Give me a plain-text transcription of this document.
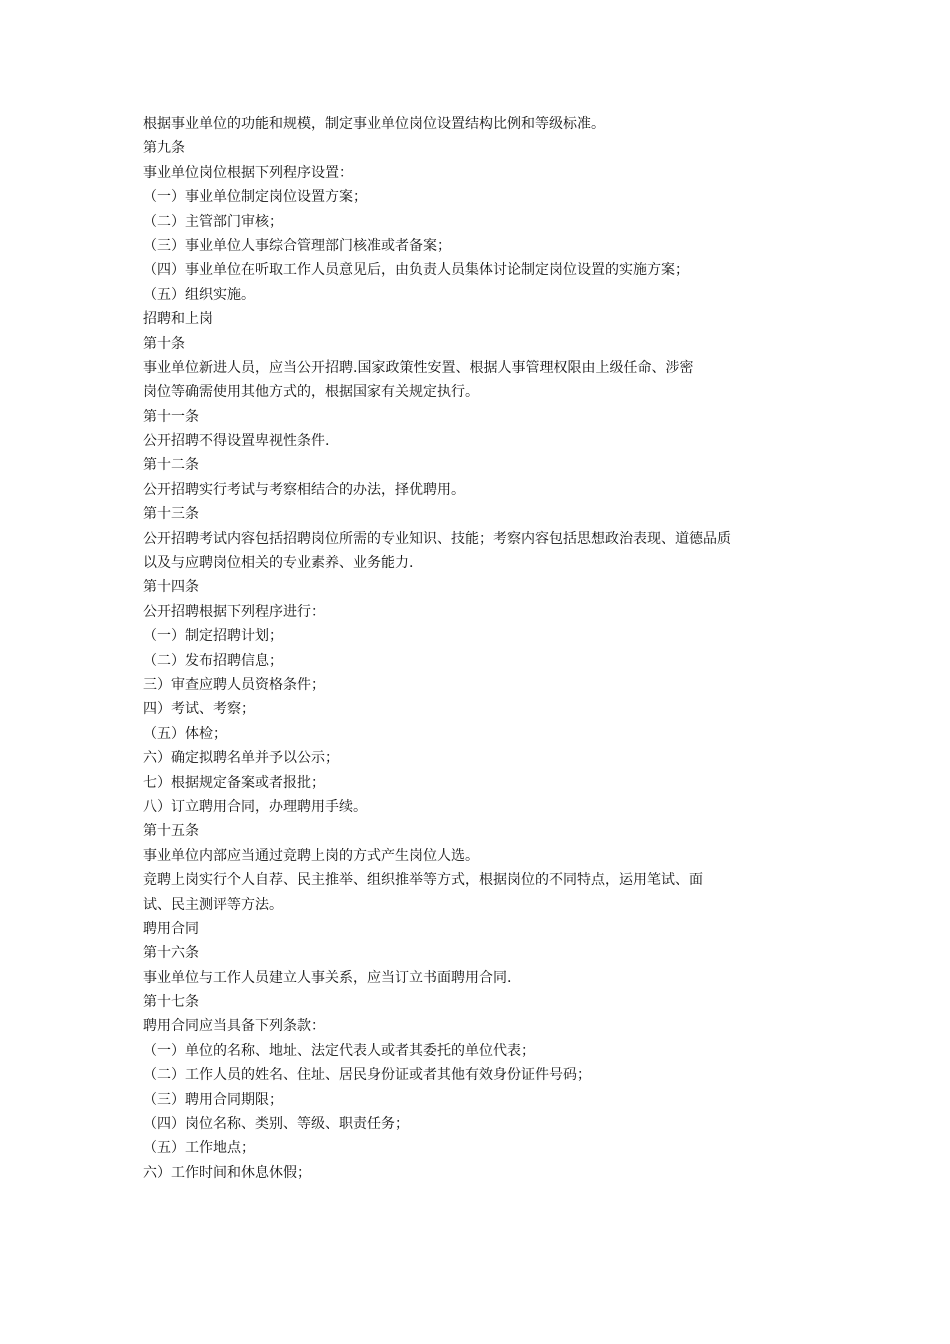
根据事业单位的功能和规模，制定事业单位岗位设置结构比例和等级标准。
第九条
事业单位岗位根据下列程序设置：
（一）事业单位制定岗位设置方案；
（二）主管部门审核；
（三）事业单位人事综合管理部门核准或者备案；
（四）事业单位在听取工作人员意见后，由负责人员集体讨论制定岗位设置的实施方案；
（五）组织实施。
招聘和上岗
第十条
事业单位新进人员，应当公开招聘.国家政策性安置、根据人事管理权限由上级任命、涉密
岗位等确需使用其他方式的，根据国家有关规定执行。
第十一条
公开招聘不得设置卑视性条件.
第十二条
公开招聘实行考试与考察相结合的办法，择优聘用。
第十三条
公开招聘考试内容包括招聘岗位所需的专业知识、技能；考察内容包括思想政治表现、道德品质
以及与应聘岗位相关的专业素养、业务能力.
第十四条
公开招聘根据下列程序进行：
（一）制定招聘计划；
（二）发布招聘信息；
三）审查应聘人员资格条件；
四）考试、考察；
（五）体检；
六）确定拟聘名单并予以公示；
七）根据规定备案或者报批；
八）订立聘用合同，办理聘用手续。
第十五条
事业单位内部应当通过竞聘上岗的方式产生岗位人选。
竞聘上岗实行个人自荐、民主推举、组织推举等方式，根据岗位的不同特点，运用笔试、面
试、民主测评等方法。
聘用合同
第十六条
事业单位与工作人员建立人事关系，应当订立书面聘用合同.
第十七条
聘用合同应当具备下列条款：
（一）单位的名称、地址、法定代表人或者其委托的单位代表；
（二）工作人员的姓名、住址、居民身份证或者其他有效身份证件号码；
（三）聘用合同期限；
（四）岗位名称、类别、等级、职责任务；
（五）工作地点；
六）工作时间和休息休假；
